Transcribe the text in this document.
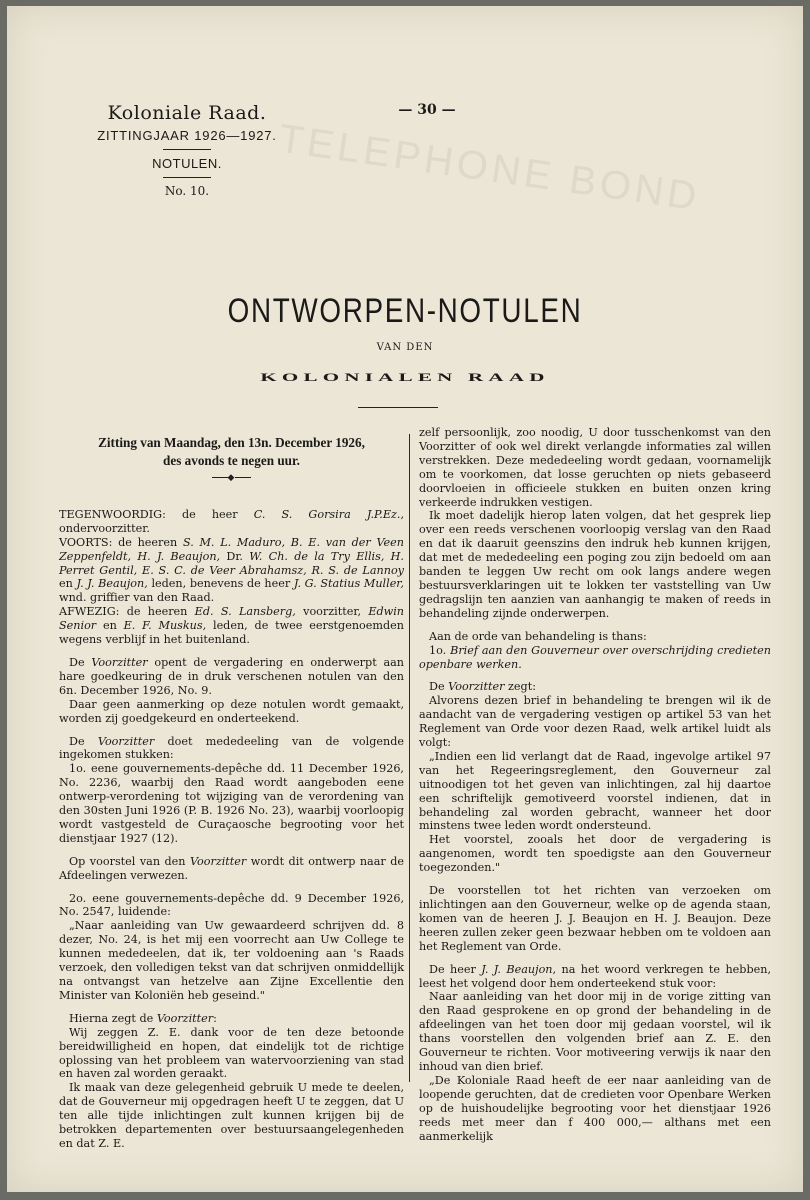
TELEPHONE BOND
Koloniale Raad.
ZITTINGJAAR 1926—1927.
NOTULEN.
No. 10.
— 30 —
ONTWORPEN-NOTULEN
VAN DEN
KOLONIALEN RAAD
Zitting van Maandag, den 13n. December 1926,
des avonds te negen uur.
◆

TEGENWOORDIG: de heer C. S. Gorsira J.P.Ez., ondervoorzitter.

VOORTS: de heeren S. M. L. Maduro, B. E. van der Veen Zeppenfeldt, H. J. Beaujon, Dr. W. Ch. de la Try Ellis, H. Perret Gentil, E. S. C. de Veer Abrahamsz, R. S. de Lannoy en J. J. Beaujon, leden, benevens de heer J. G. Statius Muller, wnd. griffier van den Raad.

AFWEZIG: de heeren Ed. S. Lansberg, voorzitter, Edwin Senior en E. F. Muskus, leden, de twee eerstgenoemden wegens verblijf in het buitenland.

De Voorzitter opent de vergadering en onderwerpt aan hare goedkeuring de in druk verschenen notulen van den 6n. December 1926, No. 9.

Daar geen aanmerking op deze notulen wordt gemaakt, worden zij goedgekeurd en onderteekend.

De Voorzitter doet mededeeling van de volgende ingekomen stukken:

1o. eene gouvernements-depêche dd. 11 December 1926, No. 2236, waarbij den Raad wordt aangeboden eene ontwerp-verordening tot wijziging van de verordening van den 30sten Juni 1926 (P. B. 1926 No. 23), waarbij voorloopig wordt vastgesteld de Curaçaosche begrooting voor het dienstjaar 1927 (12).

Op voorstel van den Voorzitter wordt dit ontwerp naar de Afdeelingen verwezen.

2o. eene gouvernements-depêche dd. 9 December 1926, No. 2547, luidende:

„Naar aanleiding van Uw gewaardeerd schrijven dd. 8 dezer, No. 24, is het mij een voorrecht aan Uw College te kunnen mededeelen, dat ik, ter voldoening aan 's Raads verzoek, den volledigen tekst van dat schrijven onmiddellijk na ontvangst van hetzelve aan Zijne Excellentie den Minister van Koloniën heb geseind."

Hierna zegt de Voorzitter:

Wij zeggen Z. E. dank voor de ten deze betoonde bereidwilligheid en hopen, dat eindelijk tot de richtige oplossing van het probleem van watervoorziening van stad en haven zal worden geraakt.

Ik maak van deze gelegenheid gebruik U mede te deelen, dat de Gouverneur mij opgedragen heeft U te zeggen, dat U ten alle tijde inlichtingen zult kunnen krijgen bij de betrokken departementen over bestuursaangelegenheden en dat Z. E.

zelf persoonlijk, zoo noodig, U door tusschenkomst van den Voorzitter of ook wel direkt verlangde informaties zal willen verstrekken. Deze mededeeling wordt gedaan, voornamelijk om te voorkomen, dat losse geruchten op niets gebaseerd doorvloeien in officieele stukken en buiten onzen kring verkeerde indrukken vestigen.

Ik moet dadelijk hierop laten volgen, dat het gesprek liep over een reeds verschenen voorloopig verslag van den Raad en dat ik daaruit geenszins den indruk heb kunnen krijgen, dat met de mededeeling een poging zou zijn bedoeld om aan banden te leggen Uw recht om ook langs andere wegen bestuursverklaringen uit te lokken ter vaststelling van Uw gedragslijn ten aanzien van aanhangig te maken of reeds in behandeling zijnde onderwerpen.

Aan de orde van behandeling is thans:

1o. Brief aan den Gouverneur over overschrijding credieten openbare werken.

De Voorzitter zegt:

Alvorens dezen brief in behandeling te brengen wil ik de aandacht van de vergadering vestigen op artikel 53 van het Reglement van Orde voor dezen Raad, welk artikel luidt als volgt:

„Indien een lid verlangt dat de Raad, ingevolge artikel 97 van het Regeeringsreglement, den Gouverneur zal uitnoodigen tot het geven van inlichtingen, zal hij daartoe een schriftelijk gemotiveerd voorstel indienen, dat in behandeling zal worden gebracht, wanneer het door minstens twee leden wordt ondersteund.

Het voorstel, zooals het door de vergadering is aangenomen, wordt ten spoedigste aan den Gouverneur toegezonden."

De voorstellen tot het richten van verzoeken om inlichtingen aan den Gouverneur, welke op de agenda staan, komen van de heeren J. J. Beaujon en H. J. Beaujon. Deze heeren zullen zeker geen bezwaar hebben om te voldoen aan het Reglement van Orde.

De heer J. J. Beaujon, na het woord verkregen te hebben, leest het volgend door hem onderteekend stuk voor:

Naar aanleiding van het door mij in de vorige zitting van den Raad gesprokene en op grond der behandeling in de afdeelingen van het toen door mij gedaan voorstel, wil ik thans voorstellen den volgenden brief aan Z. E. den Gouverneur te richten. Voor motiveering verwijs ik naar den inhoud van dien brief.

„De Koloniale Raad heeft de eer naar aanleiding van de loopende geruchten, dat de credieten voor Openbare Werken op de huishoudelijke begrooting voor het dienstjaar 1926 reeds met meer dan f 400 000,— althans met een aanmerkelijk
